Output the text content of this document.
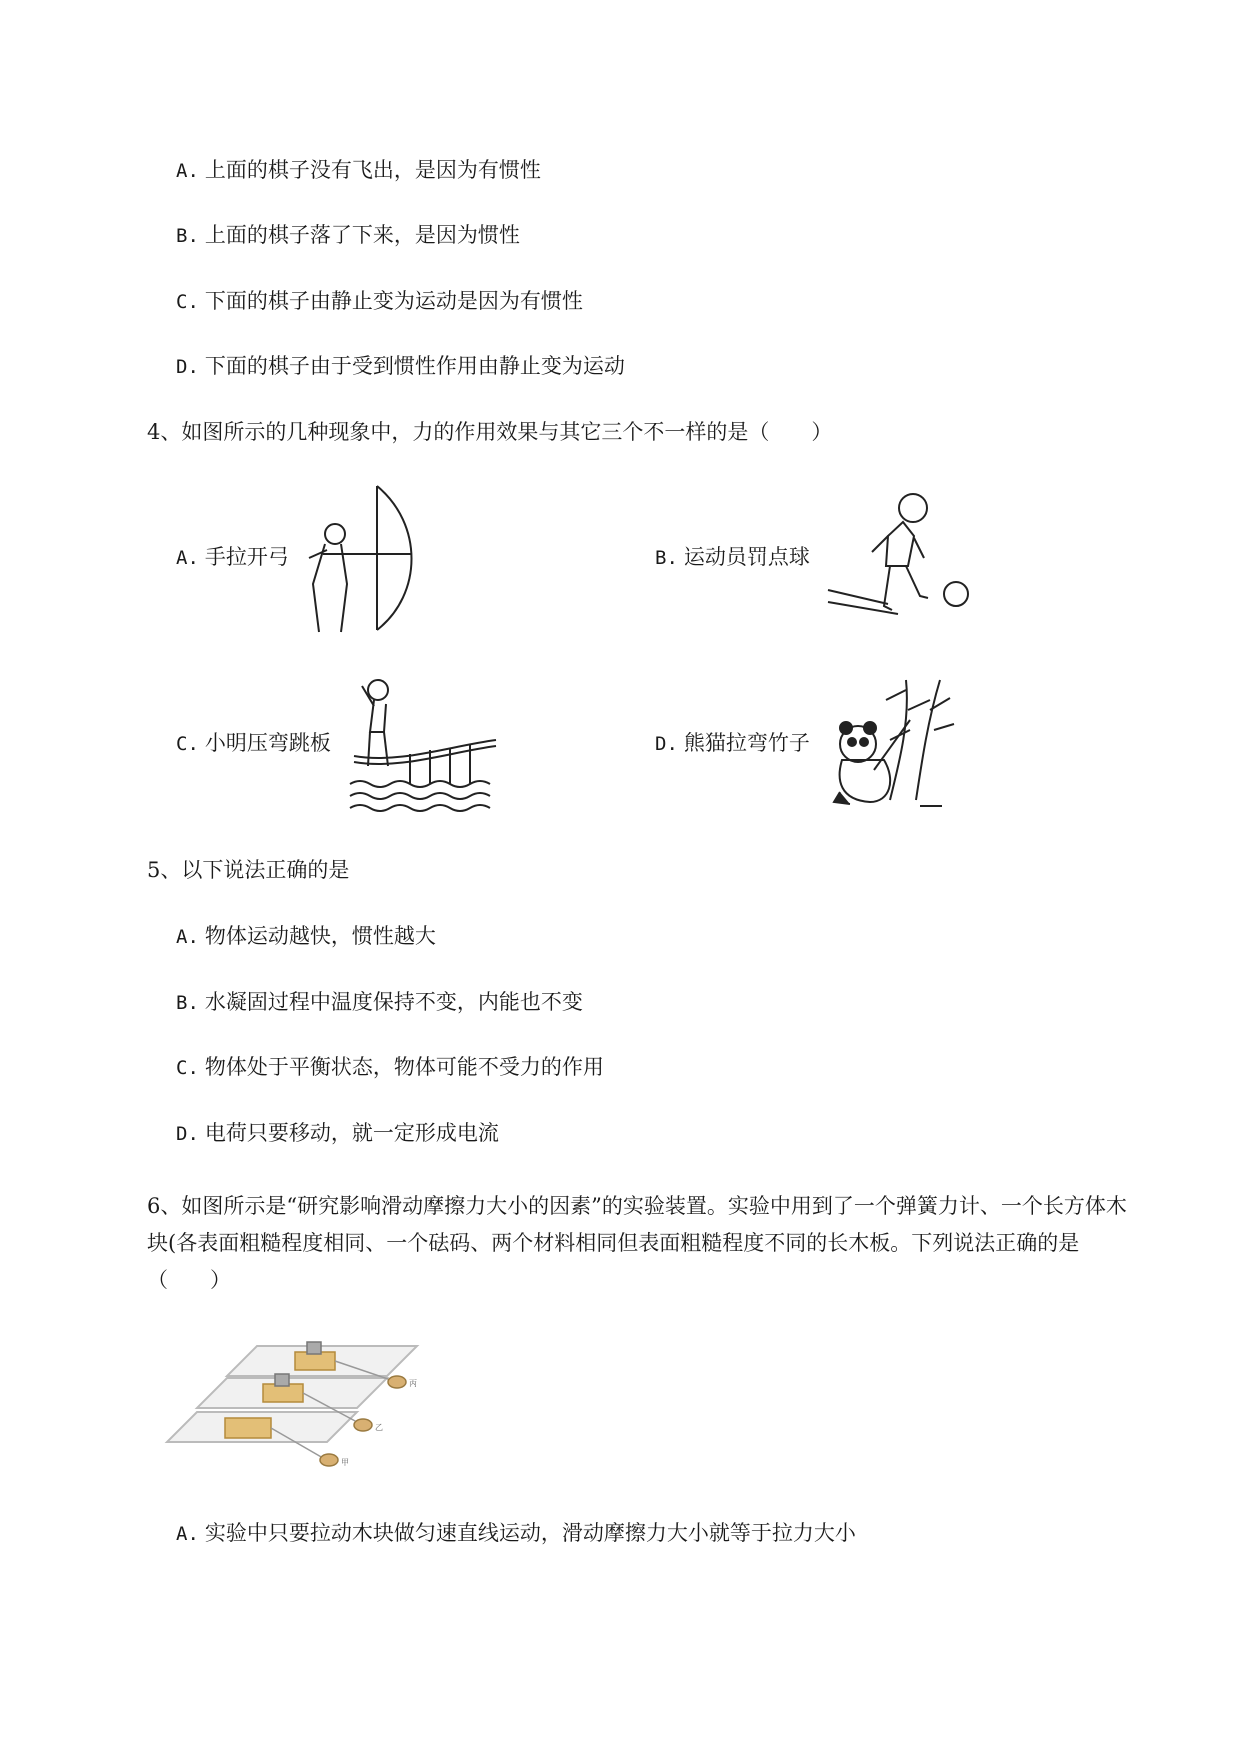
A. 上面的棋子没有飞出，是因为有惯性
B. 上面的棋子落了下来，是因为惯性
C. 下面的棋子由静止变为运动是因为有惯性
D. 下面的棋子由于受到惯性作用由静止变为运动
4、如图所示的几种现象中，力的作用效果与其它三个不一样的是（　　）
A. 手拉开弓	B. 运动员罚点球
C. 小明压弯跳板	D. 熊猫拉弯竹子
5、以下说法正确的是
A. 物体运动越快，惯性越大
B. 水凝固过程中温度保持不变，内能也不变
C. 物体处于平衡状态，物体可能不受力的作用
D. 电荷只要移动，就一定形成电流
6、如图所示是“研究影响滑动摩擦力大小的因素”的实验装置。实验中用到了一个弹簧力计、一个长方体木块(各表面粗糙程度相同、一个砝码、两个材料相同但表面粗糙程度不同的长木板。下列说法正确的是（　　）
丙
乙
甲
A. 实验中只要拉动木块做匀速直线运动，滑动摩擦力大小就等于拉力大小
